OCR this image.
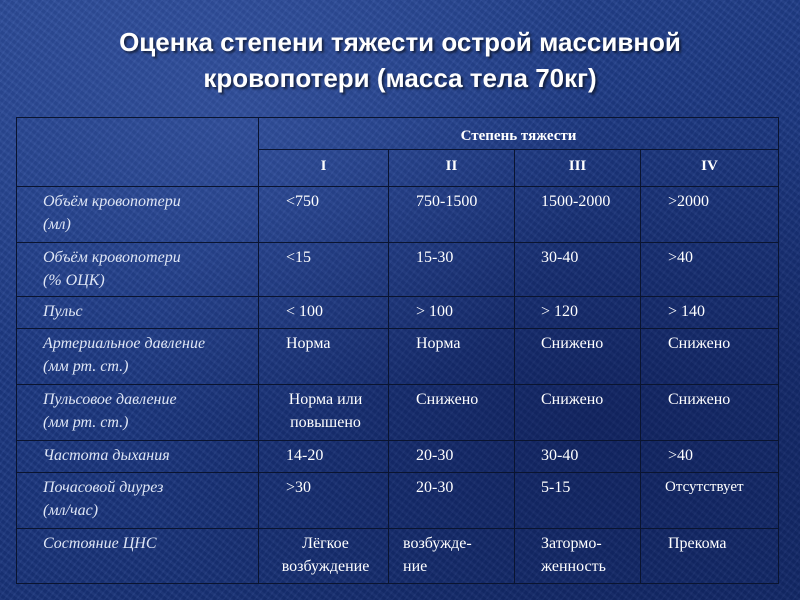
Оценка степени тяжести острой массивной
кровопотери (масса тела 70кг)

	Степень тяжести			

	I	II	III	IV

Объём кровопотери
(мл)	<750	750-1500	1500-2000	>2000

Объём кровопотери
(% ОЦК)	<15	15-30	30-40	>40

Пульс	< 100	> 100	> 120	> 140

Артериальное давление
(мм рт. ст.)	Норма	Норма	Снижено	Снижено

Пульсовое давление
(мм рт. ст.)	Норма или повышено	Снижено	Снижено	Снижено

Частота дыхания	14-20	20-30	30-40	>40

Почасовой диурез
(мл/час)	>30	20-30	5-15	Отсутствует

Состояние ЦНС	Лёгкое возбуждение	возбужде-ние	Затормо-женность	Прекома
